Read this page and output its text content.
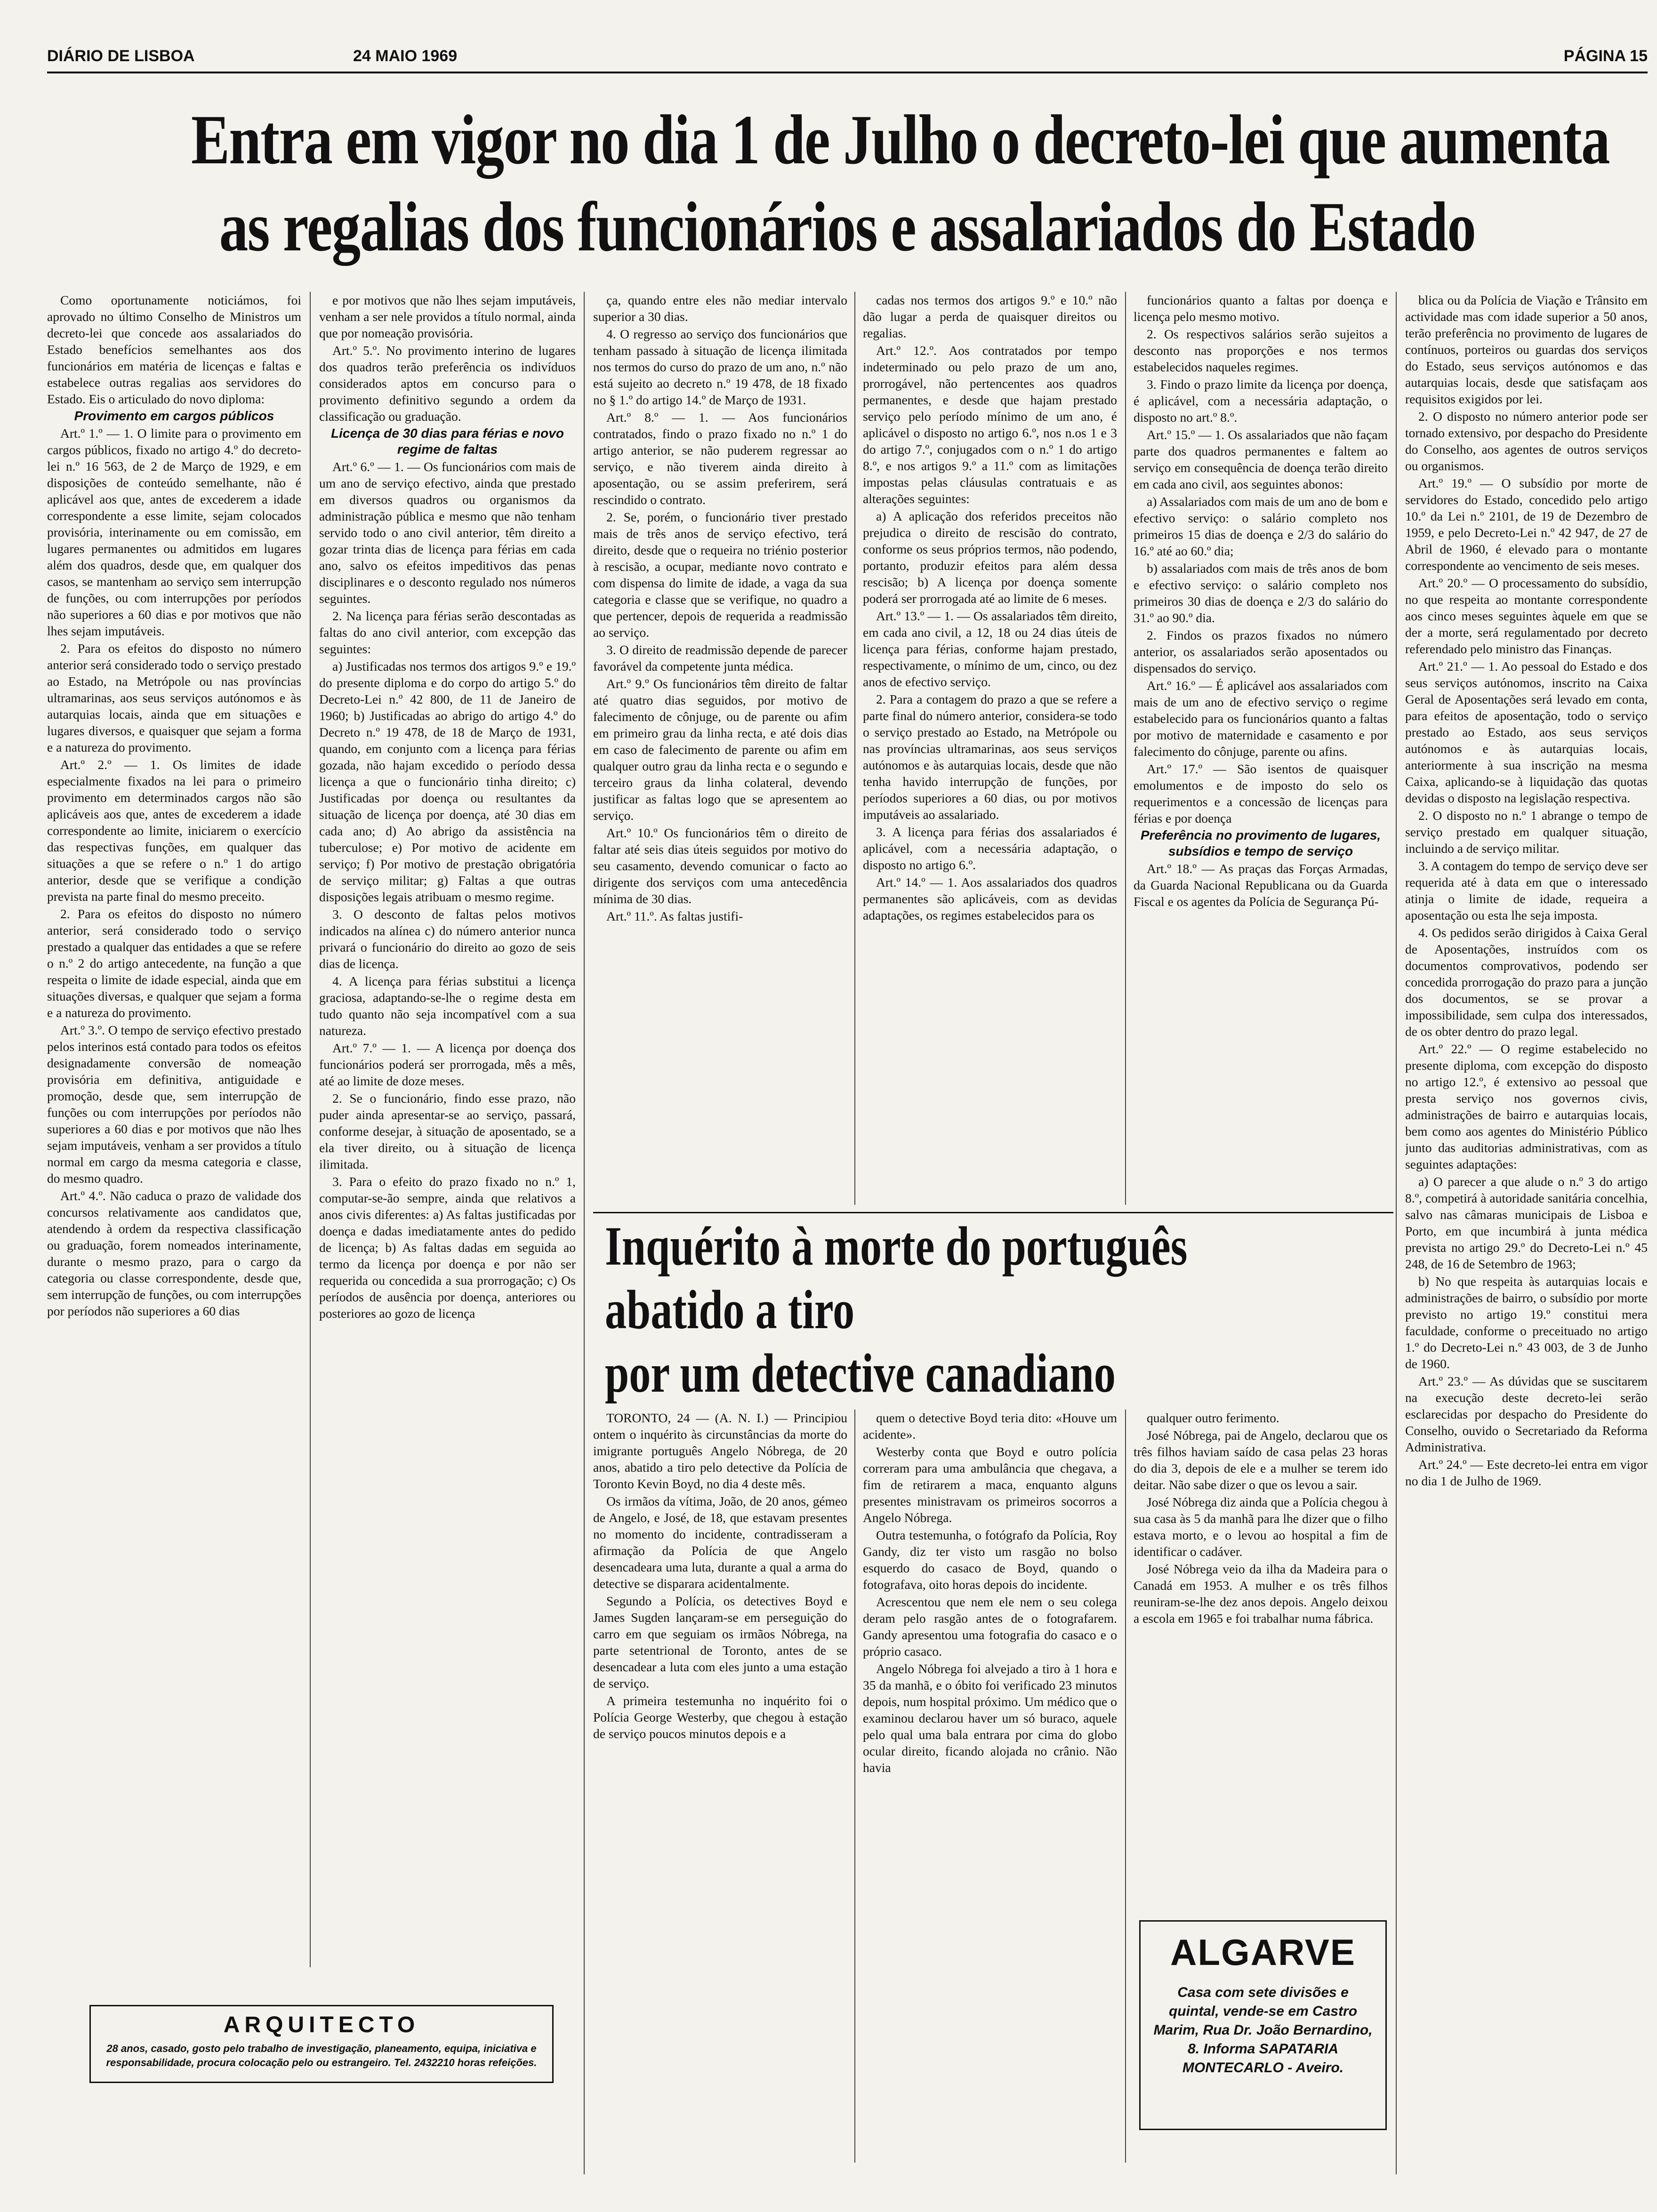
DIÁRIO DE LISBOA	24 MAIO 1969	PÁGINA 15
Entra em vigor no dia 1 de Julho o decreto-lei que aumenta
as regalias dos funcionários e assalariados do Estado

Como oportunamente noticiámos, foi aprovado no último Conselho de Ministros um decreto-lei que concede aos assalariados do Estado benefícios semelhantes aos dos funcionários em matéria de licenças e faltas e estabelece outras regalias aos servidores do Estado. Eis o articulado do novo diploma:

Provimento em cargos públicos

Art.º 1.º — 1. O limite para o provimento em cargos públicos, fixado no artigo 4.º do decreto-lei n.º 16 563, de 2 de Março de 1929, e em disposições de conteúdo semelhante, não é aplicável aos que, antes de excederem a idade correspondente a esse limite, sejam colocados provisória, interinamente ou em comissão, em lugares permanentes ou admitidos em lugares além dos quadros, desde que, em qualquer dos casos, se mantenham ao serviço sem interrupção de funções, ou com interrupções por períodos não superiores a 60 dias e por motivos que não lhes sejam imputáveis.

2. Para os efeitos do disposto no número anterior será considerado todo o serviço prestado ao Estado, na Metrópole ou nas províncias ultramarinas, aos seus serviços autónomos e às autarquias locais, ainda que em situações e lugares diversos, e quaisquer que sejam a forma e a natureza do provimento.

Art.º 2.º — 1. Os limites de idade especialmente fixados na lei para o primeiro provimento em determinados cargos não são aplicáveis aos que, antes de excederem a idade correspondente ao limite, iniciarem o exercício das respectivas funções, em qualquer das situações a que se refere o n.º 1 do artigo anterior, desde que se verifique a condição prevista na parte final do mesmo preceito.

2. Para os efeitos do disposto no número anterior, será considerado todo o serviço prestado a qualquer das entidades a que se refere o n.º 2 do artigo antecedente, na função a que respeita o limite de idade especial, ainda que em situações diversas, e qualquer que sejam a forma e a natureza do provimento.

Art.º 3.º. O tempo de serviço efectivo prestado pelos interinos está contado para todos os efeitos designadamente conversão de nomeação provisória em definitiva, antiguidade e promoção, desde que, sem interrupção de funções ou com interrupções por períodos não superiores a 60 dias e por motivos que não lhes sejam imputáveis, venham a ser providos a título normal em cargo da mesma categoria e classe, do mesmo quadro.

Art.º 4.º. Não caduca o prazo de validade dos concursos relativamente aos candidatos que, atendendo à ordem da respectiva classificação ou graduação, forem nomeados interinamente, durante o mesmo prazo, para o cargo da categoria ou classe correspondente, desde que, sem interrupção de funções, ou com interrupções por períodos não superiores a 60 dias

e por motivos que não lhes sejam imputáveis, venham a ser nele providos a título normal, ainda que por nomeação provisória.

Art.º 5.º. No provimento interino de lugares dos quadros terão preferência os indivíduos considerados aptos em concurso para o provimento definitivo segundo a ordem da classificação ou graduação.

Licença de 30 dias para férias e novo regime de faltas

Art.º 6.º — 1. — Os funcionários com mais de um ano de serviço efectivo, ainda que prestado em diversos quadros ou organismos da administração pública e mesmo que não tenham servido todo o ano civil anterior, têm direito a gozar trinta dias de licença para férias em cada ano, salvo os efeitos impeditivos das penas disciplinares e o desconto regulado nos números seguintes.

2. Na licença para férias serão descontadas as faltas do ano civil anterior, com excepção das seguintes:

a) Justificadas nos termos dos artigos 9.º e 19.º do presente diploma e do corpo do artigo 5.º do Decreto-Lei n.º 42 800, de 11 de Janeiro de 1960; b) Justificadas ao abrigo do artigo 4.º do Decreto n.º 19 478, de 18 de Março de 1931, quando, em conjunto com a licença para férias gozada, não hajam excedido o período dessa licença a que o funcionário tinha direito; c) Justificadas por doença ou resultantes da situação de licença por doença, até 30 dias em cada ano; d) Ao abrigo da assistência na tuberculose; e) Por motivo de acidente em serviço; f) Por motivo de prestação obrigatória de serviço militar; g) Faltas a que outras disposições legais atribuam o mesmo regime.

3. O desconto de faltas pelos motivos indicados na alínea c) do número anterior nunca privará o funcionário do direito ao gozo de seis dias de licença.

4. A licença para férias substitui a licença graciosa, adaptando-se-lhe o regime desta em tudo quanto não seja incompatível com a sua natureza.

Art.º 7.º — 1. — A licença por doença dos funcionários poderá ser prorrogada, mês a mês, até ao limite de doze meses.

2. Se o funcionário, findo esse prazo, não puder ainda apresentar-se ao serviço, passará, conforme desejar, à situação de aposentado, se a ela tiver direito, ou à situação de licença ilimitada.

3. Para o efeito do prazo fixado no n.º 1, computar-se-ão sempre, ainda que relativos a anos civis diferentes: a) As faltas justificadas por doença e dadas imediatamente antes do pedido de licença; b) As faltas dadas em seguida ao termo da licença por doença e por não ser requerida ou concedida a sua prorrogação; c) Os períodos de ausência por doença, anteriores ou posteriores ao gozo de licença

ça, quando entre eles não mediar intervalo superior a 30 dias.

4. O regresso ao serviço dos funcionários que tenham passado à situação de licença ilimitada nos termos do curso do prazo de um ano, n.º não está sujeito ao decreto n.º 19 478, de 18 fixado no § 1.º do artigo 14.º de Março de 1931.

Art.º 8.º — 1. — Aos funcionários contratados, findo o prazo fixado no n.º 1 do artigo anterior, se não puderem regressar ao serviço, e não tiverem ainda direito à aposentação, ou se assim preferirem, será rescindido o contrato.

2. Se, porém, o funcionário tiver prestado mais de três anos de serviço efectivo, terá direito, desde que o requeira no triénio posterior à rescisão, a ocupar, mediante novo contrato e com dispensa do limite de idade, a vaga da sua categoria e classe que se verifique, no quadro a que pertencer, depois de requerida a readmissão ao serviço.

3. O direito de readmissão depende de parecer favorável da competente junta médica.

Art.º 9.º Os funcionários têm direito de faltar até quatro dias seguidos, por motivo de falecimento de cônjuge, ou de parente ou afim em primeiro grau da linha recta, e até dois dias em caso de falecimento de parente ou afim em qualquer outro grau da linha recta e o segundo e terceiro graus da linha colateral, devendo justificar as faltas logo que se apresentem ao serviço.

Art.º 10.º Os funcionários têm o direito de faltar até seis dias úteis seguidos por motivo do seu casamento, devendo comunicar o facto ao dirigente dos serviços com uma antecedência mínima de 30 dias.

Art.º 11.º. As faltas justifi-

cadas nos termos dos artigos 9.º e 10.º não dão lugar a perda de quaisquer direitos ou regalias.

Art.º 12.º. Aos contratados por tempo indeterminado ou pelo prazo de um ano, prorrogável, não pertencentes aos quadros permanentes, e desde que hajam prestado serviço pelo período mínimo de um ano, é aplicável o disposto no artigo 6.º, nos n.os 1 e 3 do artigo 7.º, conjugados com o n.º 1 do artigo 8.º, e nos artigos 9.º a 11.º com as limitações impostas pelas cláusulas contratuais e as alterações seguintes:

a) A aplicação dos referidos preceitos não prejudica o direito de rescisão do contrato, conforme os seus próprios termos, não podendo, portanto, produzir efeitos para além dessa rescisão; b) A licença por doença somente poderá ser prorrogada até ao limite de 6 meses.

Art.º 13.º — 1. — Os assalariados têm direito, em cada ano civil, a 12, 18 ou 24 dias úteis de licença para férias, conforme hajam prestado, respectivamente, o mínimo de um, cinco, ou dez anos de efectivo serviço.

2. Para a contagem do prazo a que se refere a parte final do número anterior, considera-se todo o serviço prestado ao Estado, na Metrópole ou nas províncias ultramarinas, aos seus serviços autónomos e às autarquias locais, desde que não tenha havido interrupção de funções, por períodos superiores a 60 dias, ou por motivos imputáveis ao assalariado.

3. A licença para férias dos assalariados é aplicável, com a necessária adaptação, o disposto no artigo 6.º.

Art.º 14.º — 1. Aos assalariados dos quadros permanentes são aplicáveis, com as devidas adaptações, os regimes estabelecidos para os

funcionários quanto a faltas por doença e licença pelo mesmo motivo.

2. Os respectivos salários serão sujeitos a desconto nas proporções e nos termos estabelecidos naqueles regimes.

3. Findo o prazo limite da licença por doença, é aplicável, com a necessária adaptação, o disposto no art.º 8.º.

Art.º 15.º — 1. Os assalariados que não façam parte dos quadros permanentes e faltem ao serviço em consequência de doença terão direito em cada ano civil, aos seguintes abonos:

a) Assalariados com mais de um ano de bom e efectivo serviço: o salário completo nos primeiros 15 dias de doença e 2/3 do salário do 16.º até ao 60.º dia;

b) assalariados com mais de três anos de bom e efectivo serviço: o salário completo nos primeiros 30 dias de doença e 2/3 do salário do 31.º ao 90.º dia.

2. Findos os prazos fixados no número anterior, os assalariados serão aposentados ou dispensados do serviço.

Art.º 16.º — É aplicável aos assalariados com mais de um ano de efectivo serviço o regime estabelecido para os funcionários quanto a faltas por motivo de maternidade e casamento e por falecimento do cônjuge, parente ou afins.

Art.º 17.º — São isentos de quaisquer emolumentos e de imposto do selo os requerimentos e a concessão de licenças para férias e por doença

Preferência no provimento de lugares, subsídios e tempo de serviço

Art.º 18.º — As praças das Forças Armadas, da Guarda Nacional Republicana ou da Guarda Fiscal e os agentes da Polícia de Segurança Pú-

blica ou da Polícia de Viação e Trânsito em actividade mas com idade superior a 50 anos, terão preferência no provimento de lugares de contínuos, porteiros ou guardas dos serviços do Estado, seus serviços autónomos e das autarquias locais, desde que satisfaçam aos requisitos exigidos por lei.

2. O disposto no número anterior pode ser tornado extensivo, por despacho do Presidente do Conselho, aos agentes de outros serviços ou organismos.

Art.º 19.º — O subsídio por morte de servidores do Estado, concedido pelo artigo 10.º da Lei n.º 2101, de 19 de Dezembro de 1959, e pelo Decreto-Lei n.º 42 947, de 27 de Abril de 1960, é elevado para o montante correspondente ao vencimento de seis meses.

Art.º 20.º — O processamento do subsídio, no que respeita ao montante correspondente aos cinco meses seguintes àquele em que se der a morte, será regulamentado por decreto referendado pelo ministro das Finanças.

Art.º 21.º — 1. Ao pessoal do Estado e dos seus serviços autónomos, inscrito na Caixa Geral de Aposentações será levado em conta, para efeitos de aposentação, todo o serviço prestado ao Estado, aos seus serviços autónomos e às autarquias locais, anteriormente à sua inscrição na mesma Caixa, aplicando-se à liquidação das quotas devidas o disposto na legislação respectiva.

2. O disposto no n.º 1 abrange o tempo de serviço prestado em qualquer situação, incluindo a de serviço militar.

3. A contagem do tempo de serviço deve ser requerida até à data em que o interessado atinja o limite de idade, requeira a aposentação ou esta lhe seja imposta.

4. Os pedidos serão dirigidos à Caixa Geral de Aposentações, instruídos com os documentos comprovativos, podendo ser concedida prorrogação do prazo para a junção dos documentos, se se provar a impossibilidade, sem culpa dos interessados, de os obter dentro do prazo legal.

Art.º 22.º — O regime estabelecido no presente diploma, com excepção do disposto no artigo 12.º, é extensivo ao pessoal que presta serviço nos governos civis, administrações de bairro e autarquias locais, bem como aos agentes do Ministério Público junto das auditorias administrativas, com as seguintes adaptações:

a) O parecer a que alude o n.º 3 do artigo 8.º, competirá à autoridade sanitária concelhia, salvo nas câmaras municipais de Lisboa e Porto, em que incumbirá à junta médica prevista no artigo 29.º do Decreto-Lei n.º 45 248, de 16 de Setembro de 1963;

b) No que respeita às autarquias locais e administrações de bairro, o subsídio por morte previsto no artigo 19.º constitui mera faculdade, conforme o preceituado no artigo 1.º do Decreto-Lei n.º 43 003, de 3 de Junho de 1960.

Art.º 23.º — As dúvidas que se suscitarem na execução deste decreto-lei serão esclarecidas por despacho do Presidente do Conselho, ouvido o Secretariado da Reforma Administrativa.

Art.º 24.º — Este decreto-lei entra em vigor no dia 1 de Julho de 1969.

Inquérito à morte do português
abatido a tiro
por um detective canadiano

TORONTO, 24 — (A. N. I.) — Principiou ontem o inquérito às circunstâncias da morte do imigrante português Angelo Nóbrega, de 20 anos, abatido a tiro pelo detective da Polícia de Toronto Kevin Boyd, no dia 4 deste mês.

Os irmãos da vítima, João, de 20 anos, gémeo de Angelo, e José, de 18, que estavam presentes no momento do incidente, contradisseram a afirmação da Polícia de que Angelo desencadeara uma luta, durante a qual a arma do detective se disparara acidentalmente.

Segundo a Polícia, os detectives Boyd e James Sugden lançaram-se em perseguição do carro em que seguiam os irmãos Nóbrega, na parte setentrional de Toronto, antes de se desencadear a luta com eles junto a uma estação de serviço.

A primeira testemunha no inquérito foi o Polícia George Westerby, que chegou à estação de serviço poucos minutos depois e a

quem o detective Boyd teria dito: «Houve um acidente».

Westerby conta que Boyd e outro polícia correram para uma ambulância que chegava, a fim de retirarem a maca, enquanto alguns presentes ministravam os primeiros socorros a Angelo Nóbrega.

Outra testemunha, o fotógrafo da Polícia, Roy Gandy, diz ter visto um rasgão no bolso esquerdo do casaco de Boyd, quando o fotografava, oito horas depois do incidente.

Acrescentou que nem ele nem o seu colega deram pelo rasgão antes de o fotografarem. Gandy apresentou uma fotografia do casaco e o próprio casaco.

Angelo Nóbrega foi alvejado a tiro à 1 hora e 35 da manhã, e o óbito foi verificado 23 minutos depois, num hospital próximo. Um médico que o examinou declarou haver um só buraco, aquele pelo qual uma bala entrara por cima do globo ocular direito, ficando alojada no crânio. Não havia

qualquer outro ferimento.

José Nóbrega, pai de Angelo, declarou que os três filhos haviam saído de casa pelas 23 horas do dia 3, depois de ele e a mulher se terem ido deitar. Não sabe dizer o que os levou a sair.

José Nóbrega diz ainda que a Polícia chegou à sua casa às 5 da manhã para lhe dizer que o filho estava morto, e o levou ao hospital a fim de identificar o cadáver.

José Nóbrega veio da ilha da Madeira para o Canadá em 1953. A mulher e os três filhos reuniram-se-lhe dez anos depois. Angelo deixou a escola em 1965 e foi trabalhar numa fábrica.

ARQUITECTO
28 anos, casado, gosto pelo trabalho de investigação, planeamento, equipa, iniciativa e responsabilidade, procura colocação pelo ou estrangeiro. Tel. 2432210 horas refeições.
ALGARVE
Casa com sete divisões e quintal, vende-se em Castro Marim, Rua Dr. João Bernardino, 8. Informa SAPATARIA MONTECARLO - Aveiro.
